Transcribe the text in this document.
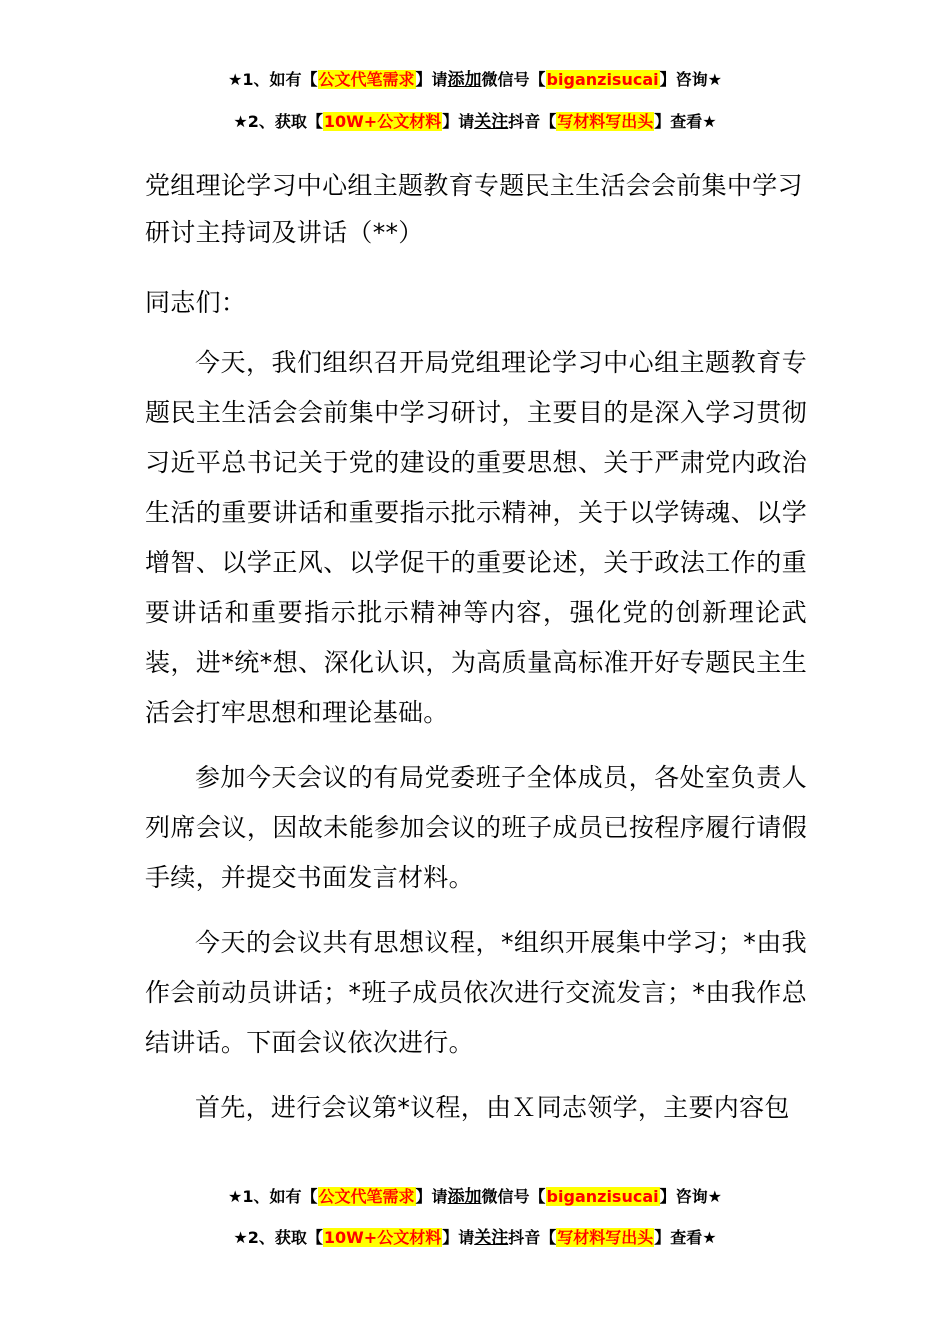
★1、如有【公文代笔需求】请添加微信号【biganzisucai】咨询★
★2、获取【10W+公文材料】请关注抖音【写材料写出头】查看★
党组理论学习中心组主题教育专题民主生活会会前集中学习研讨主持词及讲话（**）
同志们：
今天，我们组织召开局党组理论学习中心组主题教育专题民主生活会会前集中学习研讨，主要目的是深入学习贯彻习近平总书记关于党的建设的重要思想、关于严肃党内政治生活的重要讲话和重要指示批示精神，关于以学铸魂、以学增智、以学正风、以学促干的重要论述，关于政法工作的重要讲话和重要指示批示精神等内容，强化党的创新理论武装，进*统*想、深化认识，为高质量高标准开好专题民主生活会打牢思想和理论基础。
参加今天会议的有局党委班子全体成员，各处室负责人列席会议，因故未能参加会议的班子成员已按程序履行请假手续，并提交书面发言材料。
今天的会议共有思想议程，*组织开展集中学习；*由我作会前动员讲话；*班子成员依次进行交流发言；*由我作总结讲话。下面会议依次进行。
首先，进行会议第*议程，由Ｘ同志领学，主要内容包
★1、如有【公文代笔需求】请添加微信号【biganzisucai】咨询★
★2、获取【10W+公文材料】请关注抖音【写材料写出头】查看★
